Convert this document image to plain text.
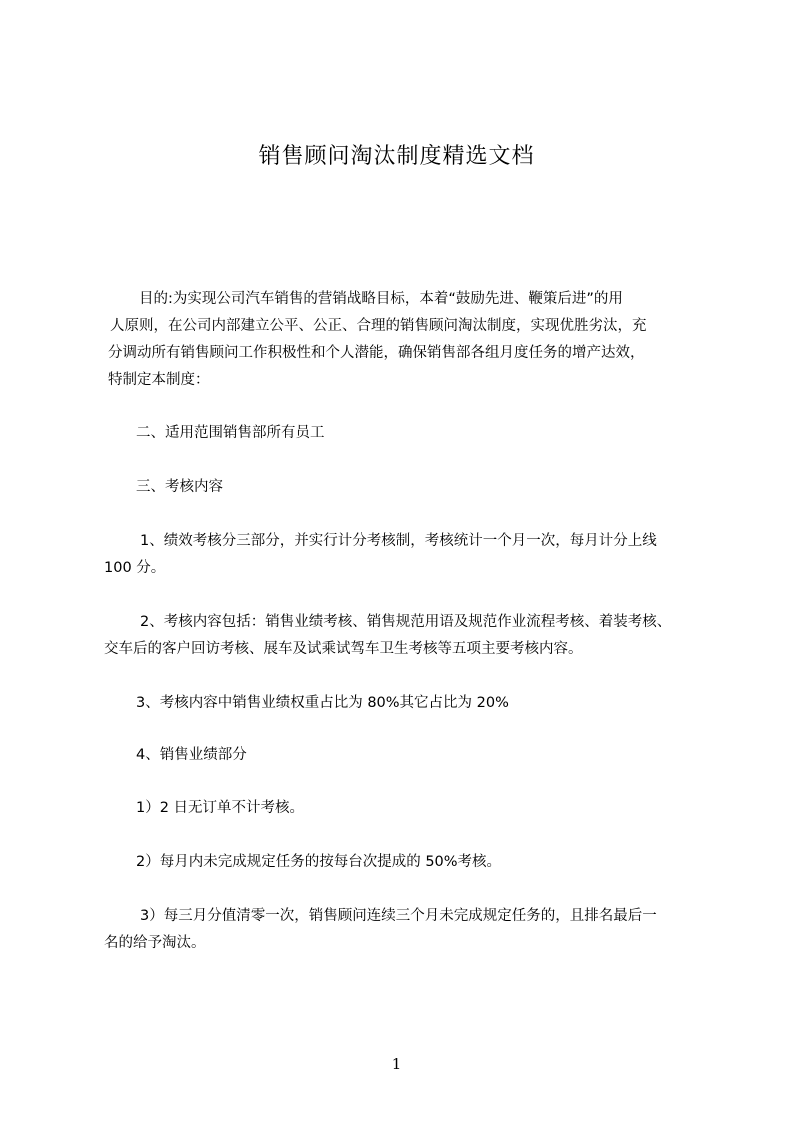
销售顾问淘汰制度精选文档
目的:为实现公司汽车销售的营销战略目标，本着“鼓励先进、鞭策后进”的用
人原则，在公司内部建立公平、公正、合理的销售顾问淘汰制度，实现优胜劣汰，充
分调动所有销售顾问工作积极性和个人潜能，确保销售部各组月度任务的增产达效，
特制定本制度：
二、适用范围销售部所有员工
三、考核内容
1、绩效考核分三部分，并实行计分考核制，考核统计一个月一次，每月计分上线
100 分。
2、考核内容包括：销售业绩考核、销售规范用语及规范作业流程考核、着装考核、
交车后的客户回访考核、展车及试乘试驾车卫生考核等五项主要考核内容。
3、考核内容中销售业绩权重占比为 80%其它占比为 20%
4、销售业绩部分
1）2 日无订单不计考核。
2）每月内未完成规定任务的按每台次提成的 50%考核。
3）每三月分值清零一次，销售顾问连续三个月未完成规定任务的，且排名最后一
名的给予淘汰。
1
